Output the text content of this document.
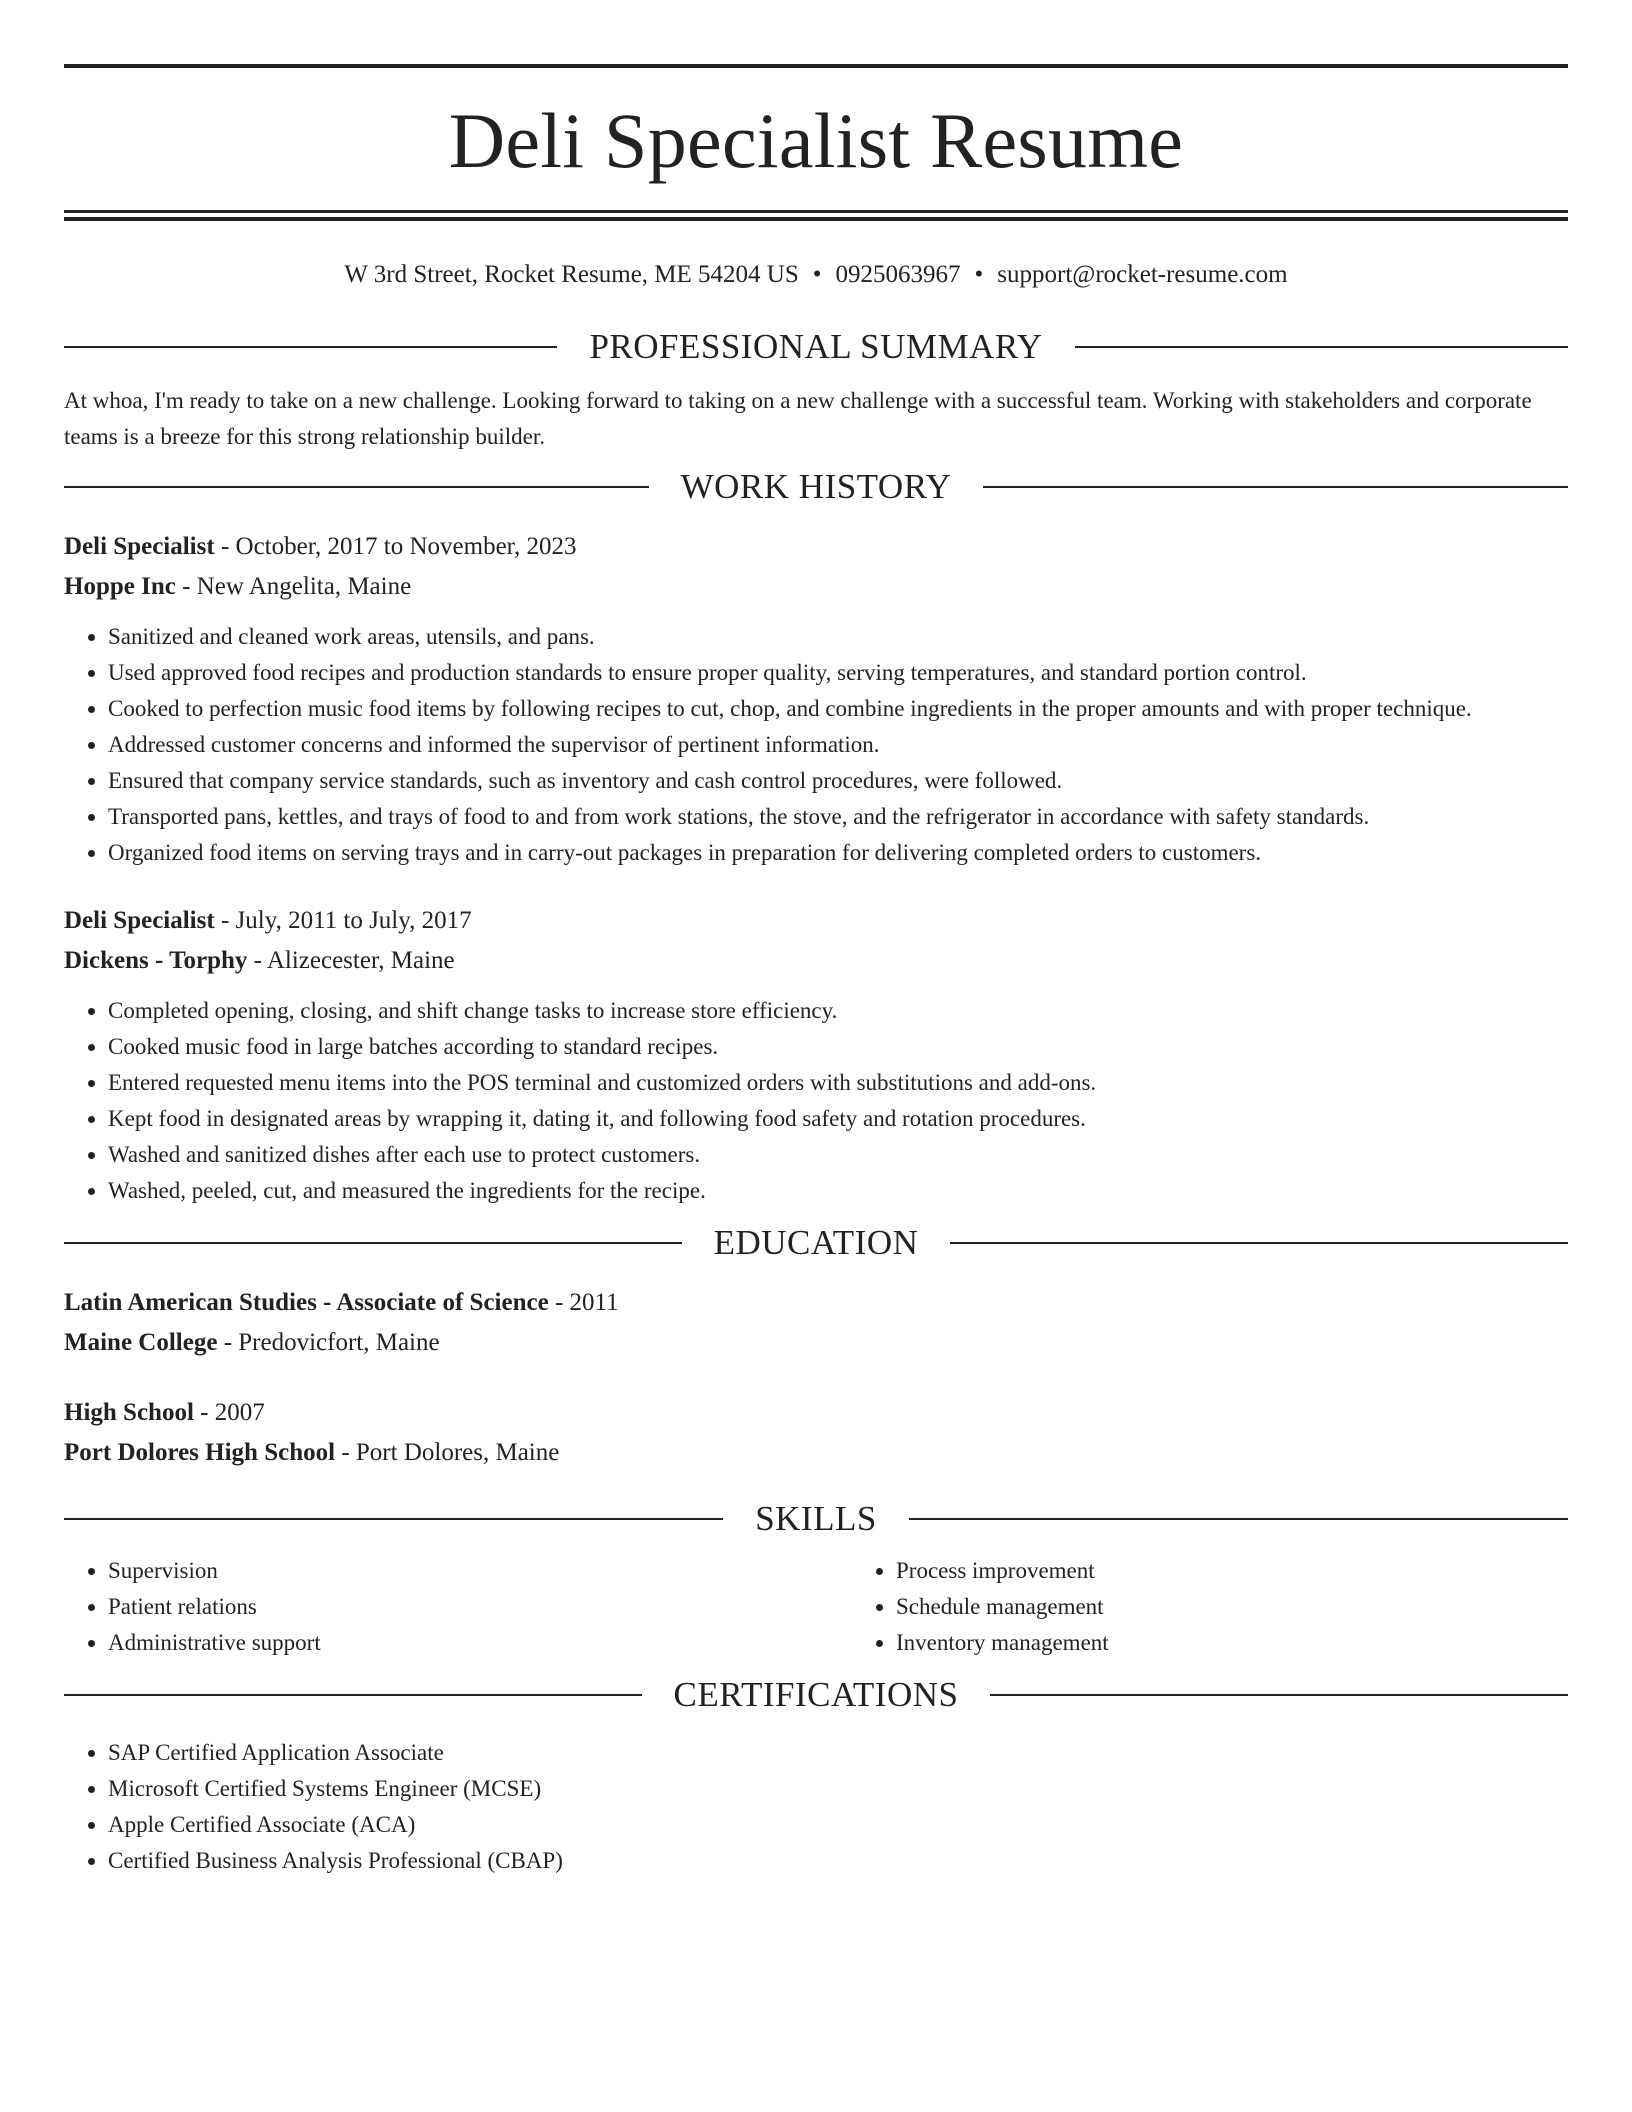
Deli Specialist Resume
W 3rd Street, Rocket Resume, ME 54204 US • 0925063967 • support@rocket-resume.com
PROFESSIONAL SUMMARY
At whoa, I'm ready to take on a new challenge. Looking forward to taking on a new challenge with a successful team. Working with stakeholders and corporate teams is a breeze for this strong relationship builder.
WORK HISTORY
Deli Specialist - October, 2017 to November, 2023
Hoppe Inc - New Angelita, Maine
• Sanitized and cleaned work areas, utensils, and pans.
• Used approved food recipes and production standards to ensure proper quality, serving temperatures, and standard portion control.
• Cooked to perfection music food items by following recipes to cut, chop, and combine ingredients in the proper amounts and with proper technique.
• Addressed customer concerns and informed the supervisor of pertinent information.
• Ensured that company service standards, such as inventory and cash control procedures, were followed.
• Transported pans, kettles, and trays of food to and from work stations, the stove, and the refrigerator in accordance with safety standards.
• Organized food items on serving trays and in carry-out packages in preparation for delivering completed orders to customers.
Deli Specialist - July, 2011 to July, 2017
Dickens - Torphy - Alizecester, Maine
• Completed opening, closing, and shift change tasks to increase store efficiency.
• Cooked music food in large batches according to standard recipes.
• Entered requested menu items into the POS terminal and customized orders with substitutions and add-ons.
• Kept food in designated areas by wrapping it, dating it, and following food safety and rotation procedures.
• Washed and sanitized dishes after each use to protect customers.
• Washed, peeled, cut, and measured the ingredients for the recipe.
EDUCATION
Latin American Studies - Associate of Science - 2011
Maine College - Predovicfort, Maine
High School - 2007
Port Dolores High School - Port Dolores, Maine
SKILLS
• Supervision
• Patient relations
• Administrative support
• Process improvement
• Schedule management
• Inventory management
CERTIFICATIONS
• SAP Certified Application Associate
• Microsoft Certified Systems Engineer (MCSE)
• Apple Certified Associate (ACA)
• Certified Business Analysis Professional (CBAP)
